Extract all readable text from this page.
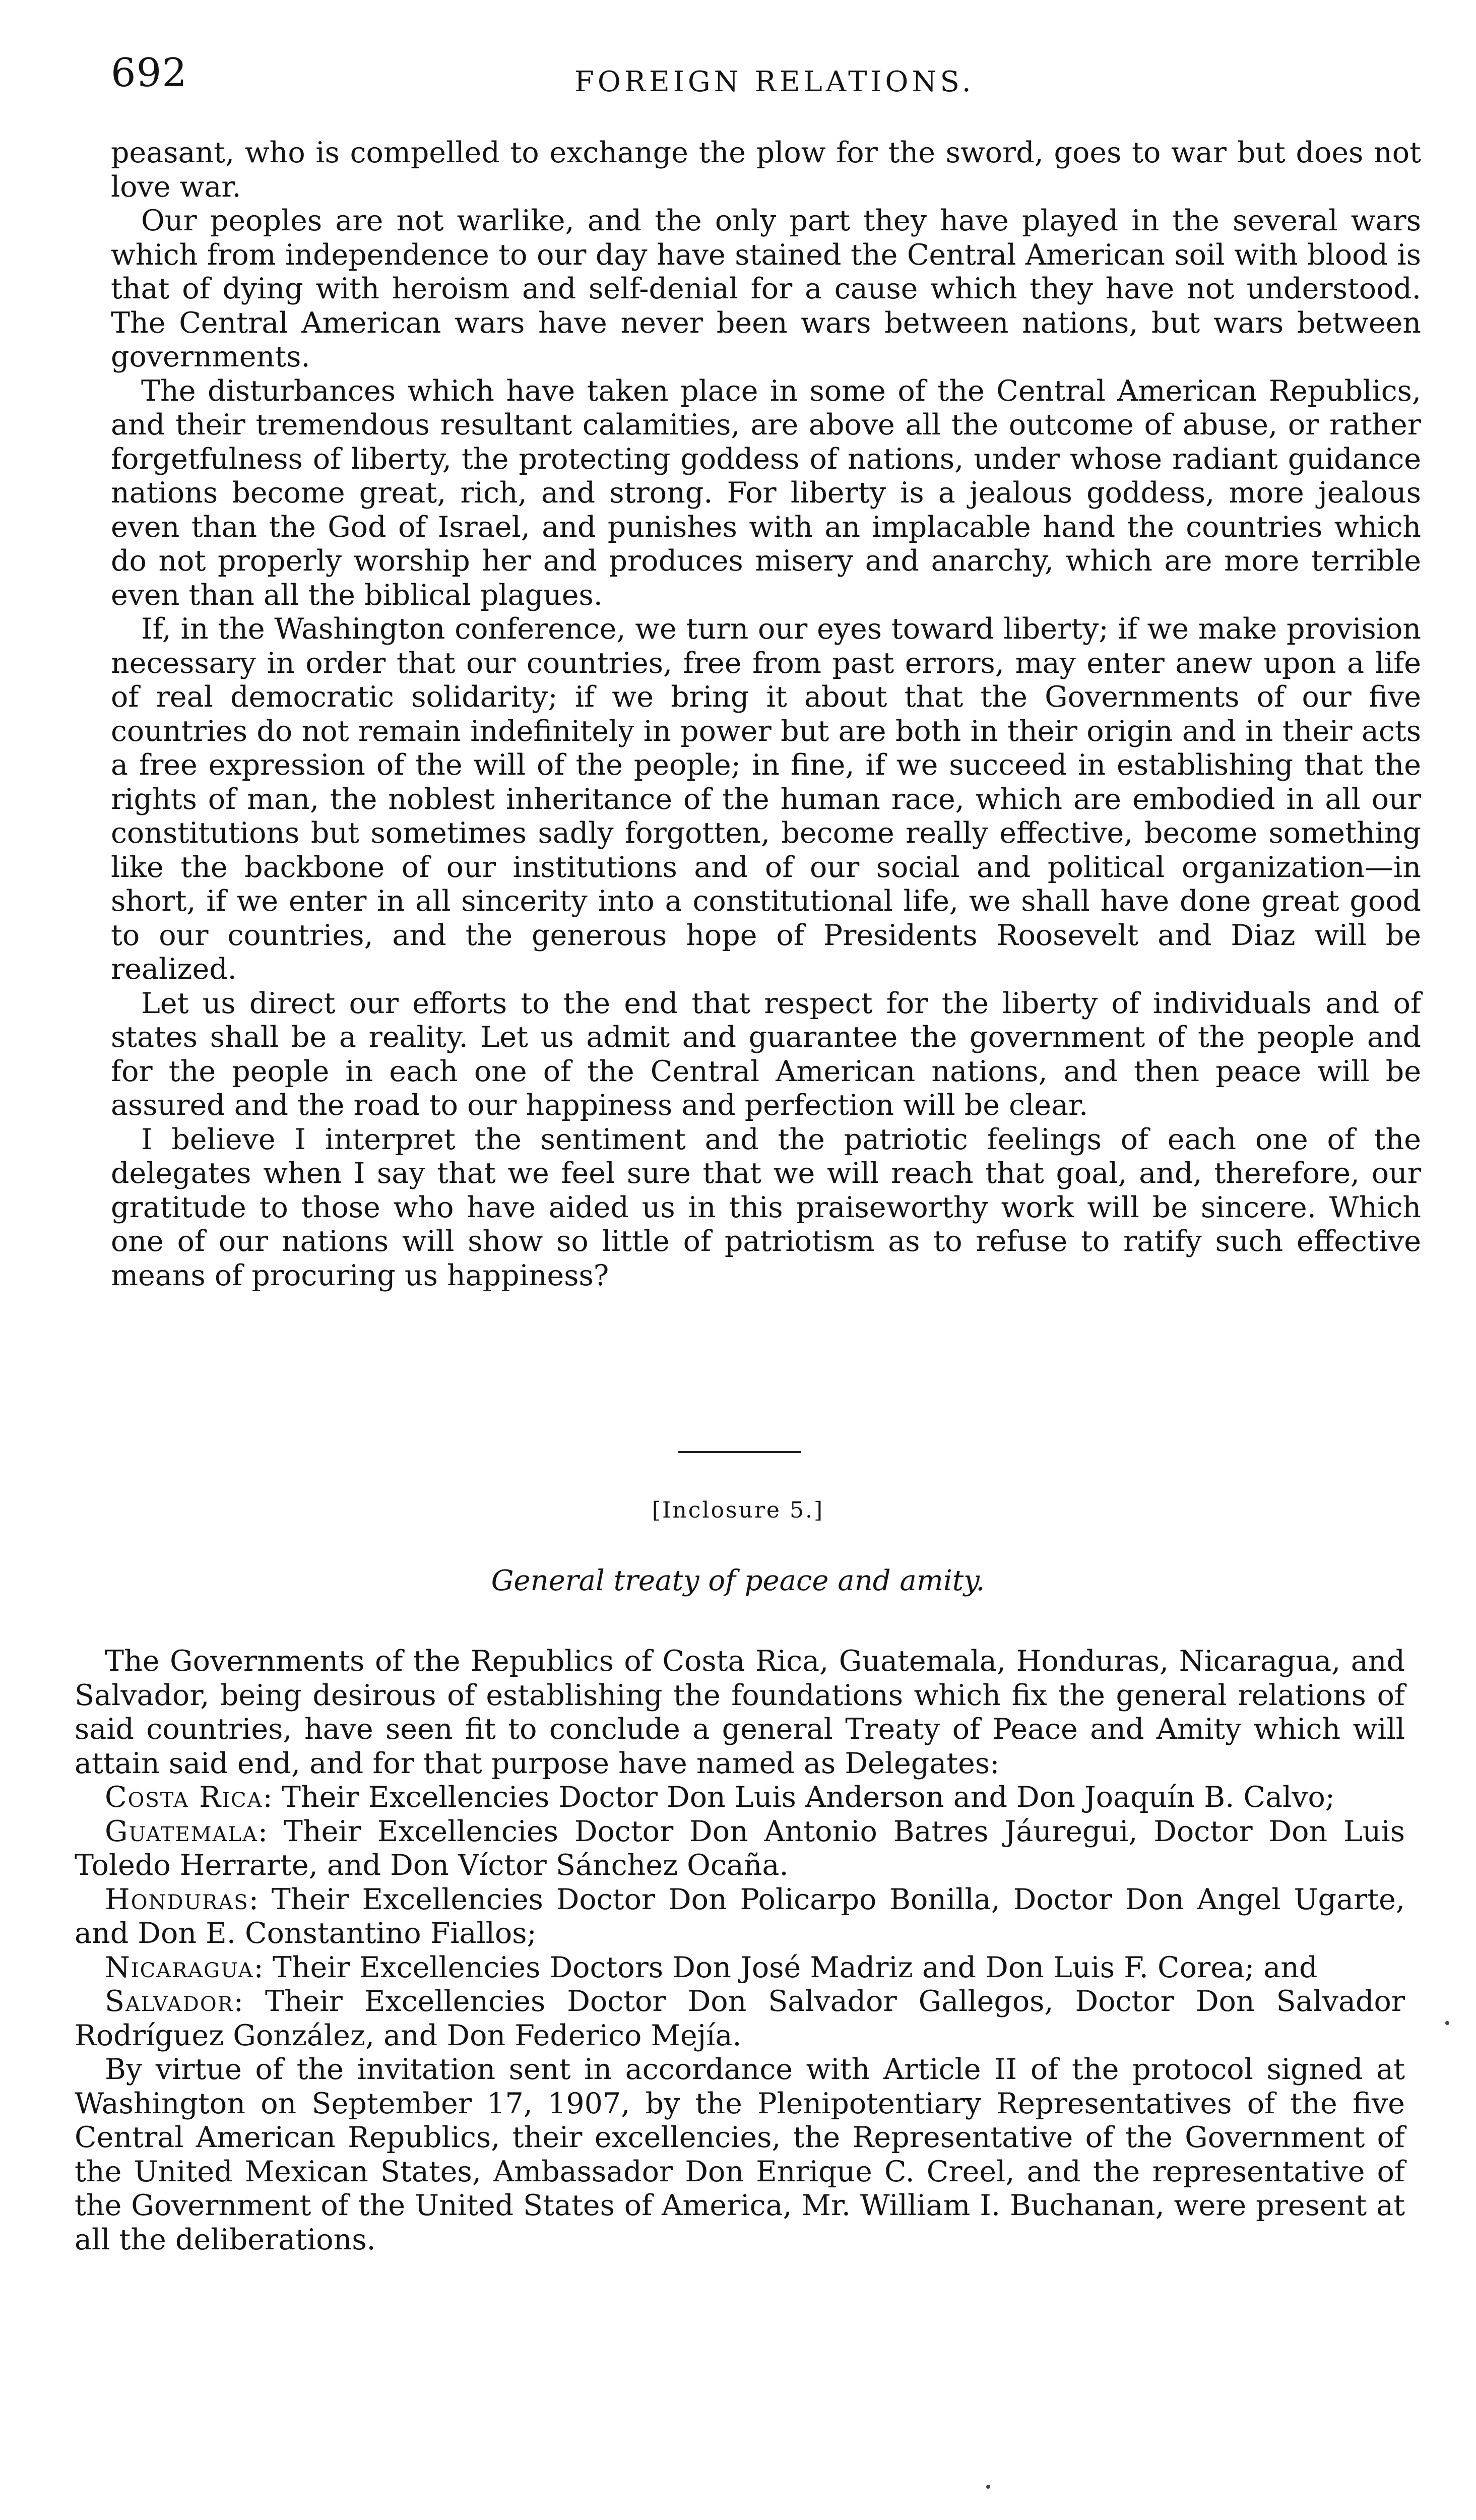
692	FOREIGN RELATIONS.

peasant, who is compelled to exchange the plow for the sword, goes to war but does not love war.

Our peoples are not warlike, and the only part they have played in the several wars which from independence to our day have stained the Central American soil with blood is that of dying with heroism and self-denial for a cause which they have not understood. The Central American wars have never been wars between nations, but wars between governments.

The disturbances which have taken place in some of the Central American Republics, and their tremendous resultant calamities, are above all the outcome of abuse, or rather forgetfulness of liberty, the protecting goddess of nations, under whose radiant guidance nations become great, rich, and strong. For liberty is a jealous goddess, more jealous even than the God of Israel, and punishes with an implacable hand the countries which do not properly worship her and produces misery and anarchy, which are more terrible even than all the biblical plagues.

If, in the Washington conference, we turn our eyes toward liberty; if we make provision necessary in order that our countries, free from past errors, may enter anew upon a life of real democratic solidarity; if we bring it about that the Governments of our five countries do not remain indefinitely in power but are both in their origin and in their acts a free expression of the will of the people; in fine, if we succeed in establishing that the rights of man, the noblest inheritance of the human race, which are embodied in all our constitutions but sometimes sadly forgotten, become really effective, become something like the backbone of our institutions and of our social and political organization—in short, if we enter in all sincerity into a constitutional life, we shall have done great good to our countries, and the generous hope of Presidents Roosevelt and Diaz will be realized.

Let us direct our efforts to the end that respect for the liberty of individuals and of states shall be a reality. Let us admit and guarantee the government of the people and for the people in each one of the Central American nations, and then peace will be assured and the road to our happiness and perfection will be clear.

I believe I interpret the sentiment and the patriotic feelings of each one of the delegates when I say that we feel sure that we will reach that goal, and, therefore, our gratitude to those who have aided us in this praiseworthy work will be sincere. Which one of our nations will show so little of patriotism as to refuse to ratify such effective means of procuring us happiness?

[Inclosure 5.]
General treaty of peace and amity.

The Governments of the Republics of Costa Rica, Guatemala, Honduras, Nicaragua, and Salvador, being desirous of establishing the foundations which fix the general relations of said countries, have seen fit to conclude a general Treaty of Peace and Amity which will attain said end, and for that purpose have named as Delegates:

Costa Rica: Their Excellencies Doctor Don Luis Anderson and Don Joaquín B. Calvo;

Guatemala: Their Excellencies Doctor Don Antonio Batres Jáuregui, Doctor Don Luis Toledo Herrarte, and Don Víctor Sánchez Ocaña.

Honduras: Their Excellencies Doctor Don Policarpo Bonilla, Doctor Don Angel Ugarte, and Don E. Constantino Fiallos;

Nicaragua: Their Excellencies Doctors Don José Madriz and Don Luis F. Corea; and

Salvador: Their Excellencies Doctor Don Salvador Gallegos, Doctor Don Salvador Rodríguez González, and Don Federico Mejía.

By virtue of the invitation sent in accordance with Article II of the protocol signed at Washington on September 17, 1907, by the Plenipotentiary Representatives of the five Central American Republics, their excellencies, the Representative of the Government of the United Mexican States, Ambassador Don Enrique C. Creel, and the representative of the Government of the United States of America, Mr. William I. Buchanan, were present at all the deliberations.
